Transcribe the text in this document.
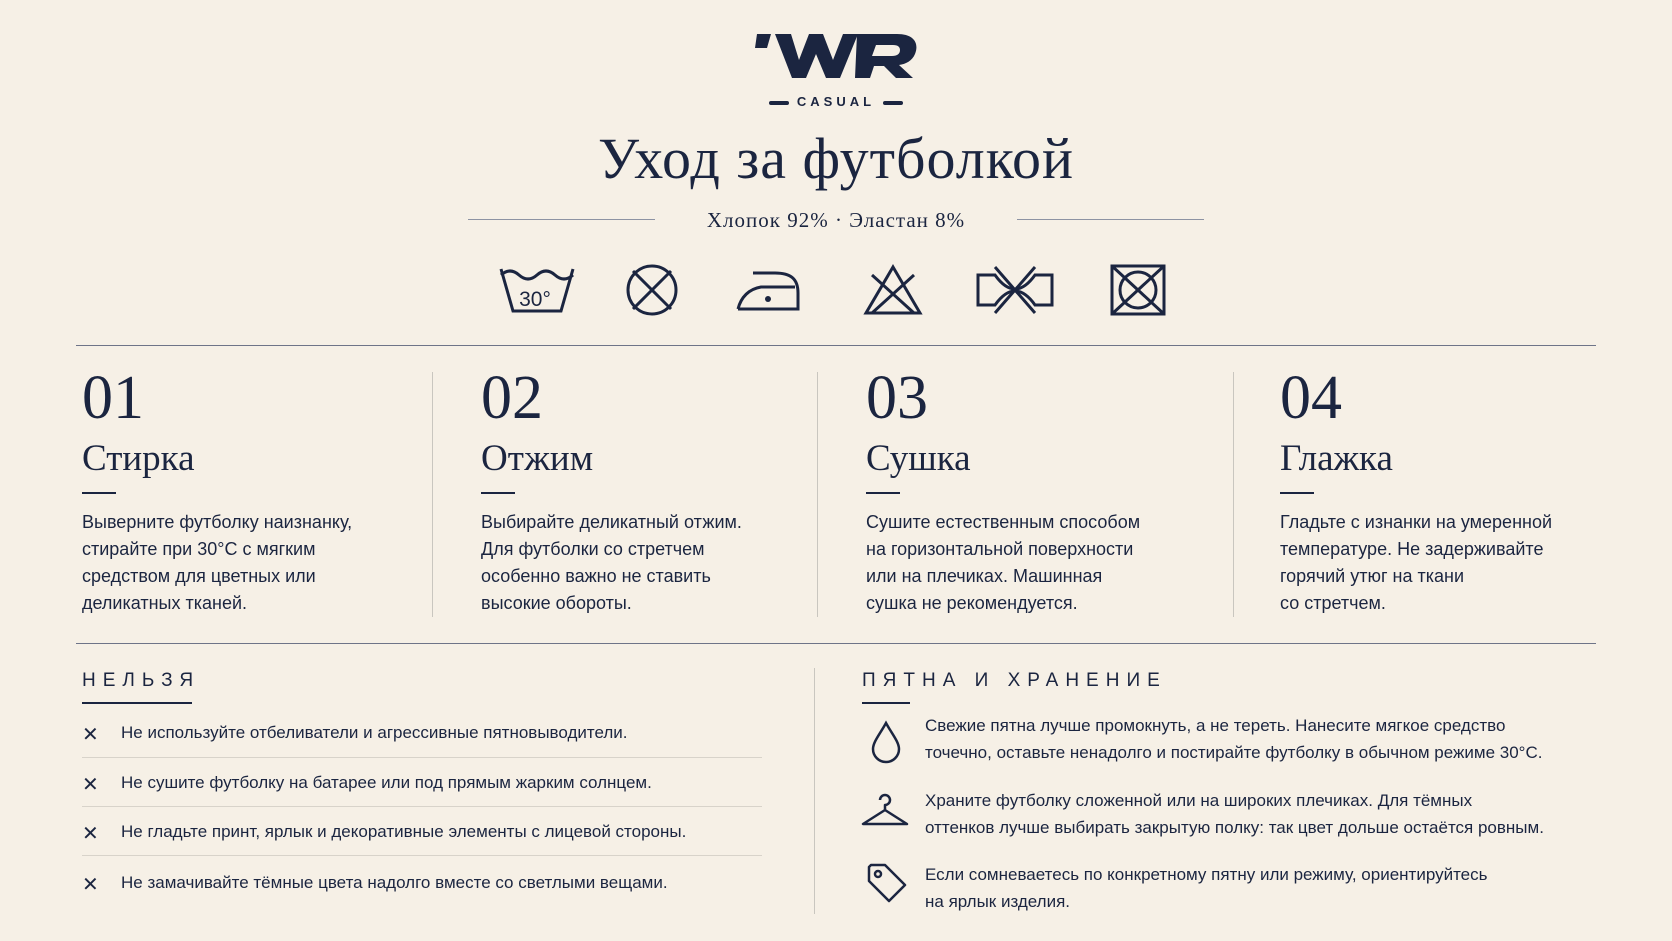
CASUAL
Уход за футболкой
Хлопок 92% · Эластан 8%
30°
01
Стирка
Выверните футболку наизнанку,
стирайте при 30°C с мягким
средством для цветных или
деликатных тканей.
02
Отжим
Выбирайте деликатный отжим.
Для футболки со стретчем
особенно важно не ставить
высокие обороты.
03
Сушка
Сушите естественным способом
на горизонтальной поверхности
или на плечиках. Машинная
сушка не рекомендуется.
04
Глажка
Гладьте с изнанки на умеренной
температуре. Не задерживайте
горячий утюг на ткани
со стретчем.
НЕЛЬЗЯ
✕ Не используйте отбеливатели и агрессивные пятновыводители.
✕ Не сушите футболку на батарее или под прямым жарким солнцем.
✕ Не гладьте принт, ярлык и декоративные элементы с лицевой стороны.
✕ Не замачивайте тёмные цвета надолго вместе со светлыми вещами.
ПЯТНА И ХРАНЕНИЕ
Свежие пятна лучше промокнуть, а не тереть. Нанесите мягкое средство
точечно, оставьте ненадолго и постирайте футболку в обычном режиме 30°C.
Храните футболку сложенной или на широких плечиках. Для тёмных
оттенков лучше выбирать закрытую полку: так цвет дольше остаётся ровным.
Если сомневаетесь по конкретному пятну или режиму, ориентируйтесь
на ярлык изделия.
